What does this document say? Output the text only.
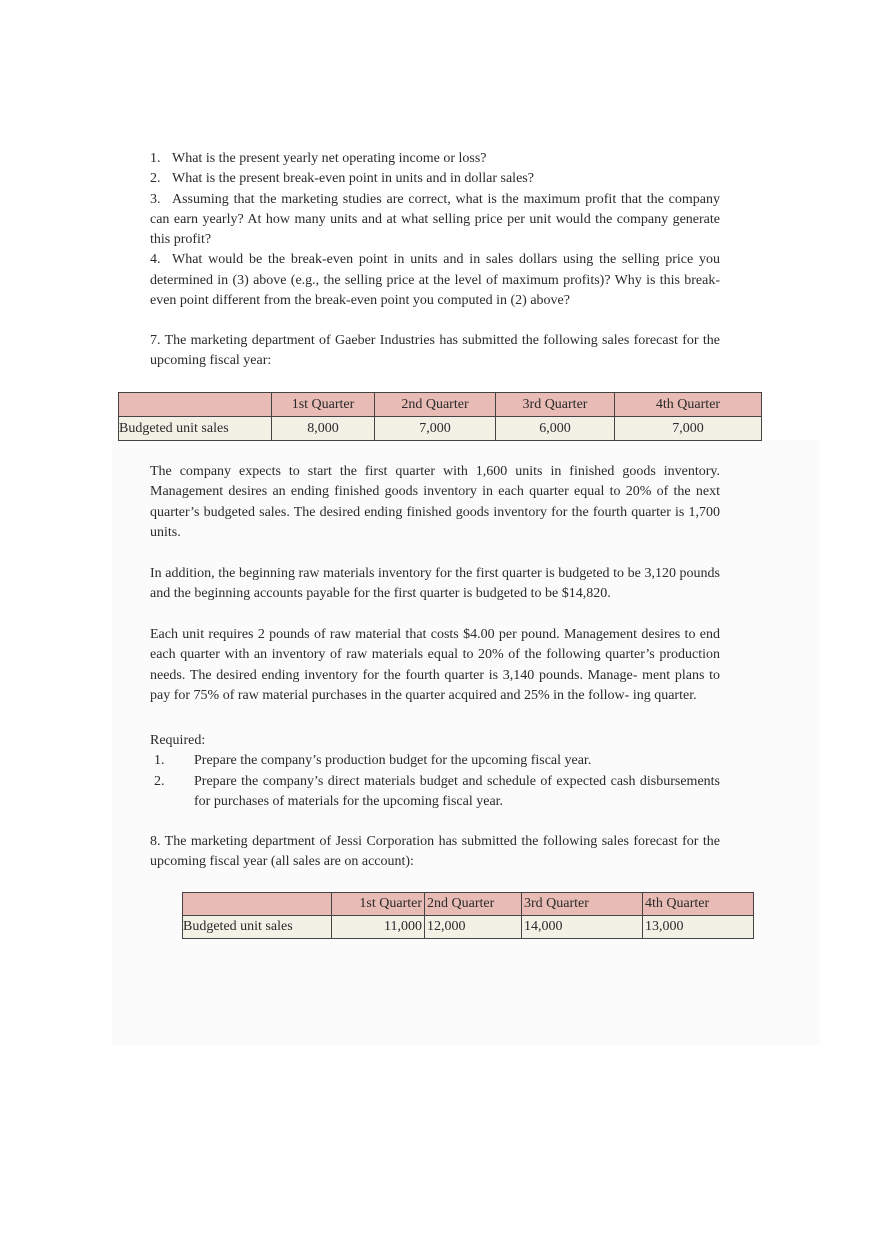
1. What is the present yearly net operating income or loss?

2. What is the present break-even point in units and in dollar sales?

3. Assuming that the marketing studies are correct, what is the maximum profit that the company can earn yearly? At how many units and at what selling price per unit would the company generate this profit?

4. What would be the break-even point in units and in sales dollars using the selling price you determined in (3) above (e.g., the selling price at the level of maximum profits)? Why is this break-even point different from the break-even point you computed in (2) above?

7. The marketing department of Gaeber Industries has submitted the following sales forecast for the upcoming fiscal year:
	1st Quarter	2nd Quarter	3rd Quarter	4th Quarter
Budgeted unit sales	8,000	7,000	6,000	7,000
The company expects to start the first quarter with 1,600 units in finished goods inventory. Management desires an ending finished goods inventory in each quarter equal to 20% of the next quarter’s budgeted sales. The desired ending finished goods inventory for the fourth quarter is 1,700 units.
In addition, the beginning raw materials inventory for the first quarter is budgeted to be 3,120 pounds and the beginning accounts payable for the first quarter is budgeted to be $14,820.
Each unit requires 2 pounds of raw material that costs $4.00 per pound. Management desires to end each quarter with an inventory of raw materials equal to 20% of the following quarter’s production needs. The desired ending inventory for the fourth quarter is 3,140 pounds. Manage- ment plans to pay for 75% of raw material purchases in the quarter acquired and 25% in the follow- ing quarter.

Required:

1. Prepare the company’s production budget for the upcoming fiscal year.

2. Prepare the company’s direct materials budget and schedule of expected cash disbursements for purchases of materials for the upcoming fiscal year.

8. The marketing department of Jessi Corporation has submitted the following sales forecast for the upcoming fiscal year (all sales are on account):
	1st Quarter	2nd Quarter	3rd Quarter	4th Quarter
Budgeted unit sales	11,000	12,000	14,000	13,000
